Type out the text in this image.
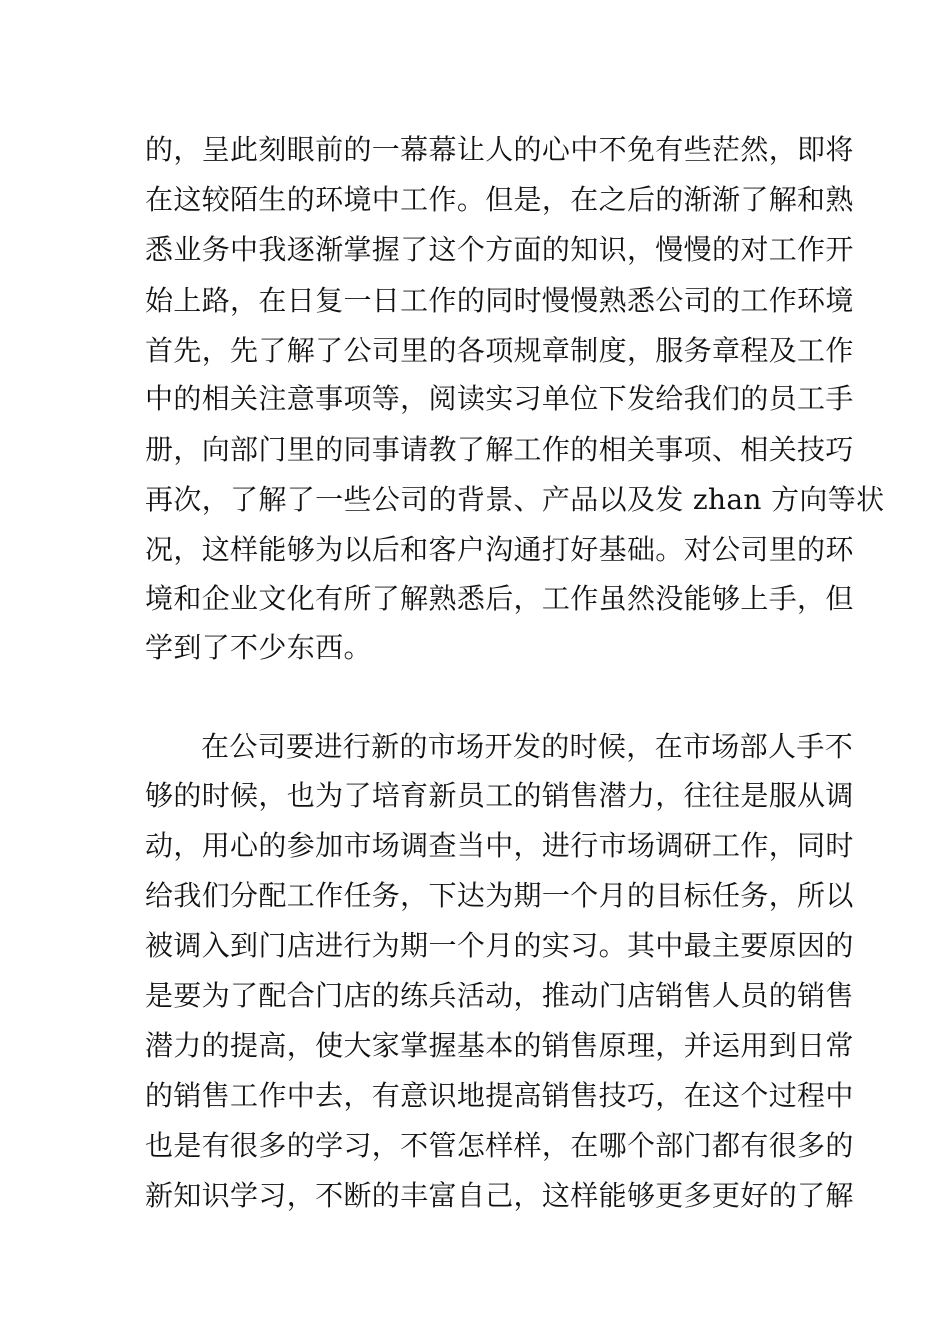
的，呈此刻眼前的一幕幕让人的心中不免有些茫然，即将
在这较陌生的环境中工作。但是，在之后的渐渐了解和熟
悉业务中我逐渐掌握了这个方面的知识，慢慢的对工作开
始上路，在日复一日工作的同时慢慢熟悉公司的工作环境
首先，先了解了公司里的各项规章制度，服务章程及工作
中的相关注意事项等，阅读实习单位下发给我们的员工手
册，向部门里的同事请教了解工作的相关事项、相关技巧
再次，了解了一些公司的背景、产品以及发 zhan 方向等状
况，这样能够为以后和客户沟通打好基础。对公司里的环
境和企业文化有所了解熟悉后，工作虽然没能够上手，但
学到了不少东西。
在公司要进行新的市场开发的时候，在市场部人手不
够的时候，也为了培育新员工的销售潜力，往往是服从调
动，用心的参加市场调查当中，进行市场调研工作，同时
给我们分配工作任务，下达为期一个月的目标任务，所以
被调入到门店进行为期一个月的实习。其中最主要原因的
是要为了配合门店的练兵活动，推动门店销售人员的销售
潜力的提高，使大家掌握基本的销售原理，并运用到日常
的销售工作中去，有意识地提高销售技巧，在这个过程中
也是有很多的学习，不管怎样样，在哪个部门都有很多的
新知识学习，不断的丰富自己，这样能够更多更好的了解
